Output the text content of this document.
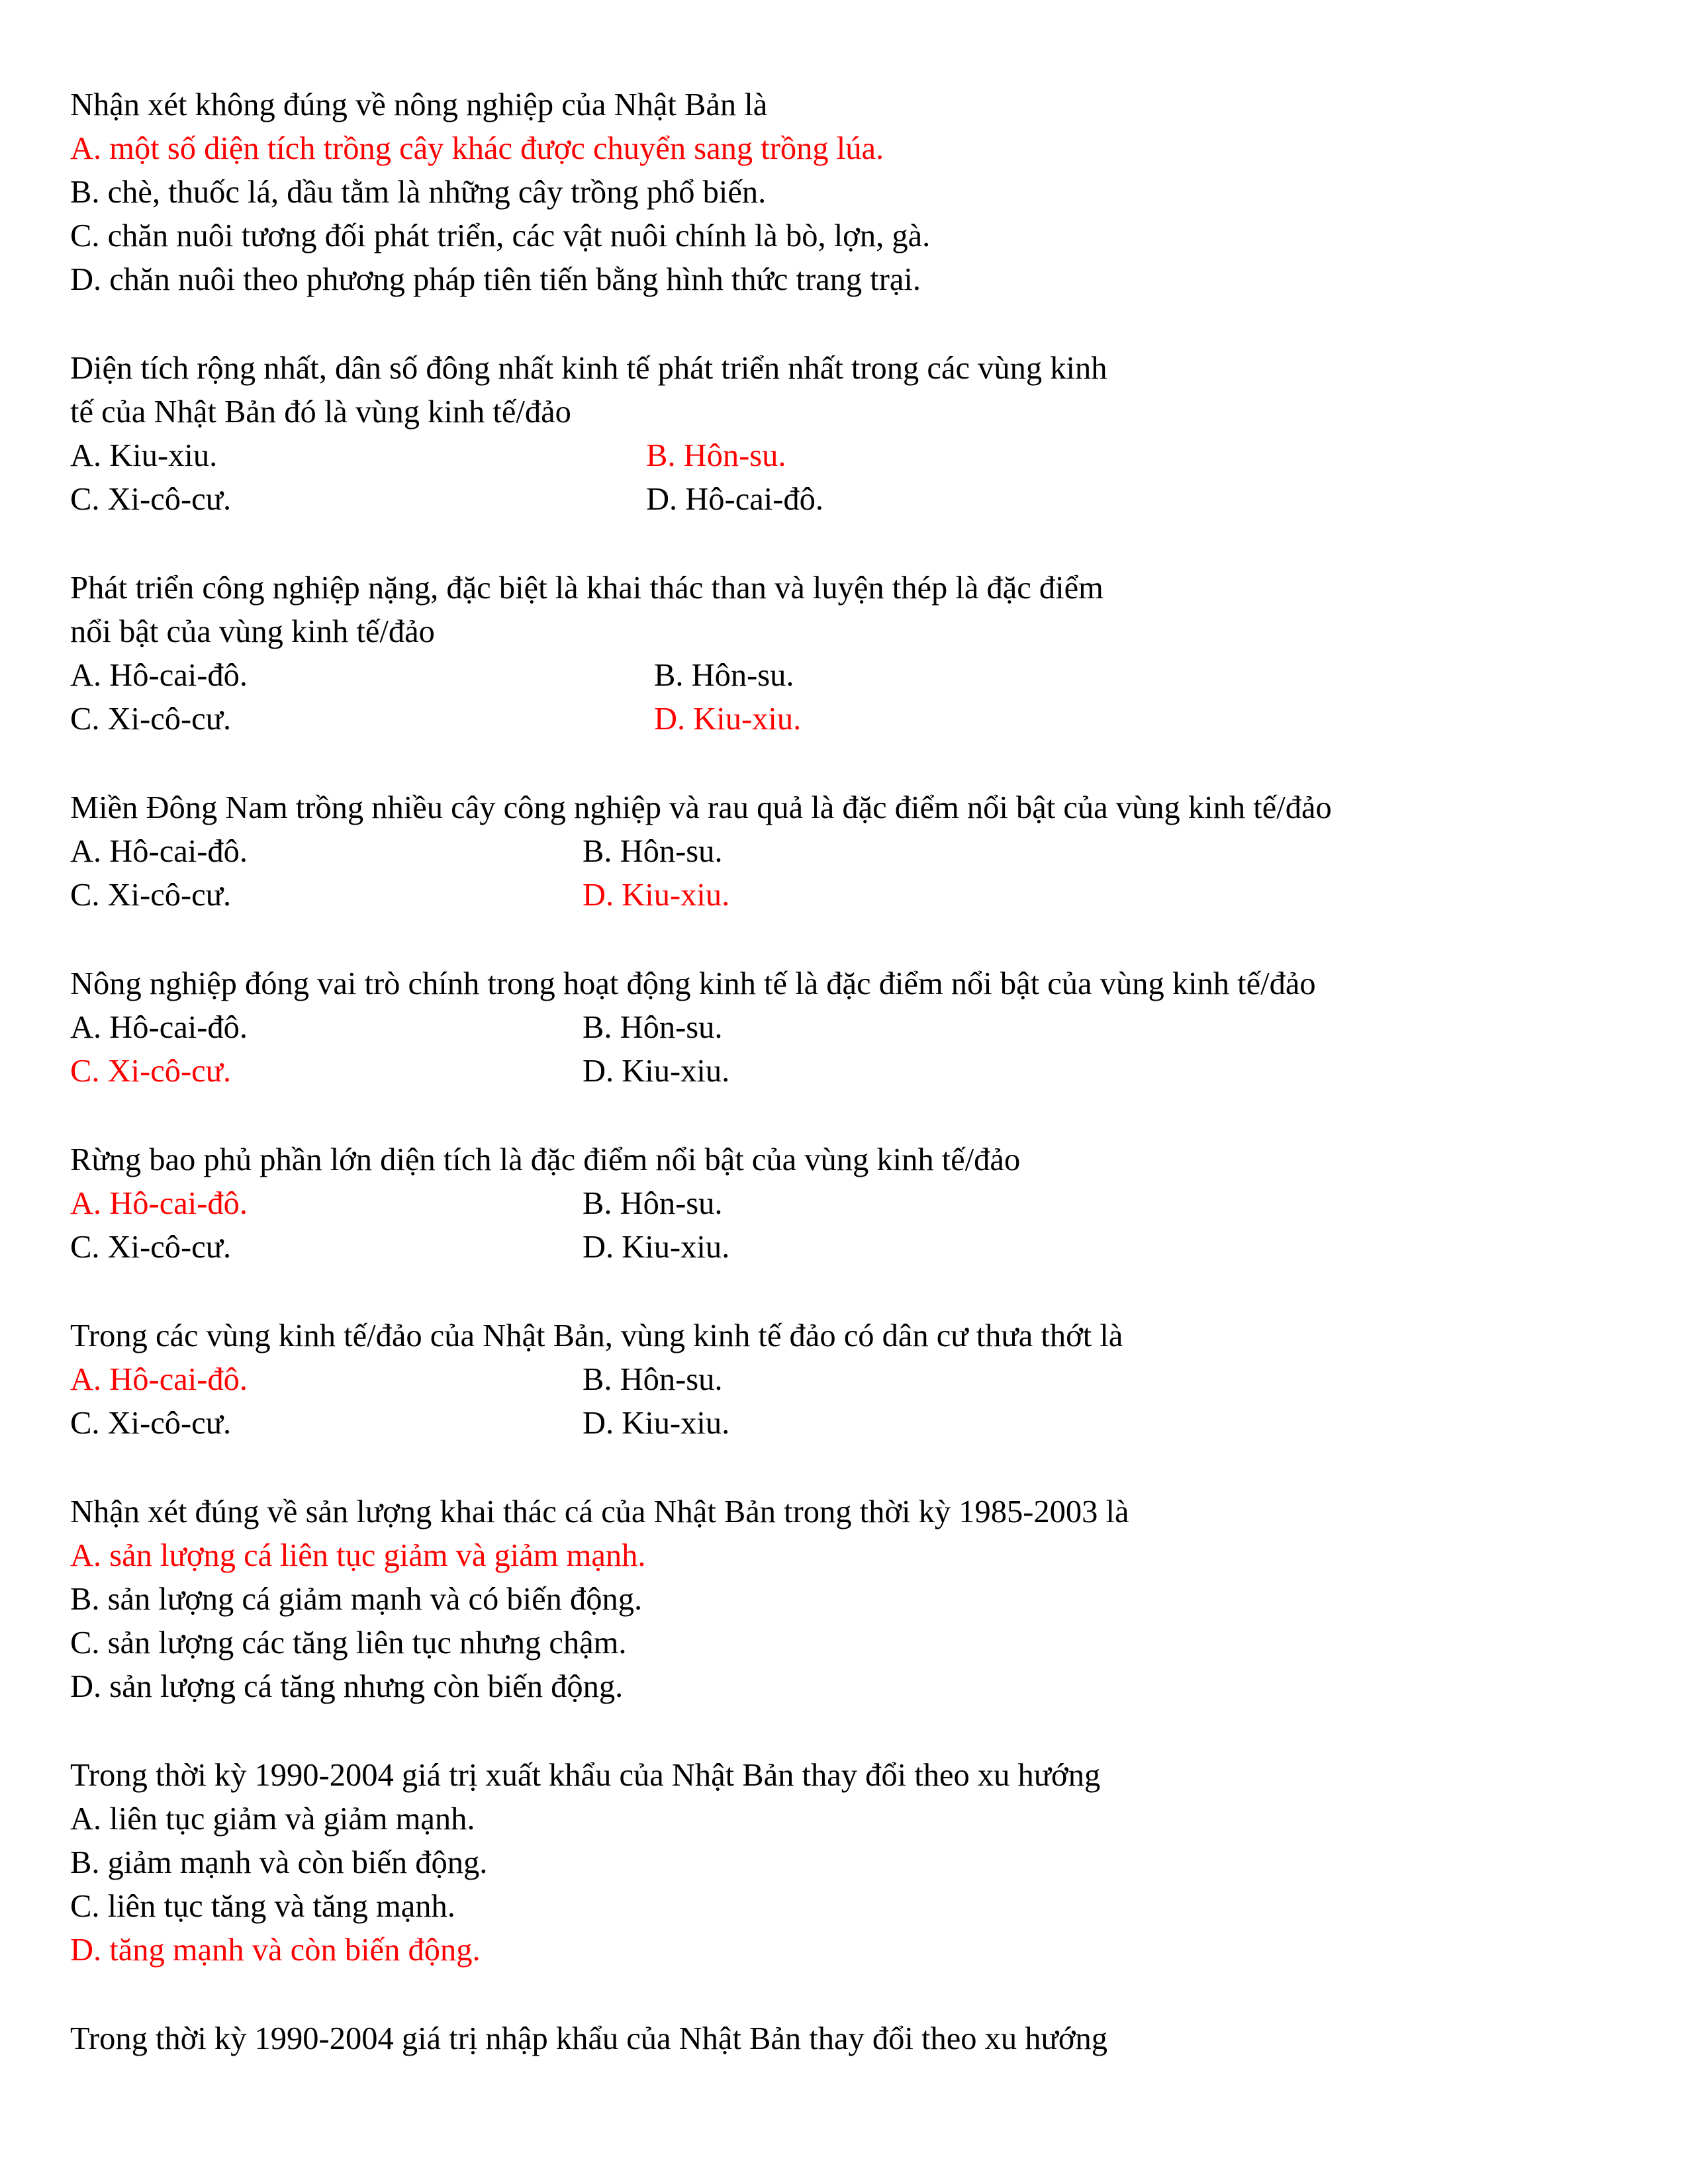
Nhận xét không đúng về nông nghiệp của Nhật Bản là
A. một số diện tích trồng cây khác được chuyển sang trồng lúa.
B. chè, thuốc lá, dầu tằm là những cây trồng phổ biến.
C. chăn nuôi tương đối phát triển, các vật nuôi chính là bò, lợn, gà.
D. chăn nuôi theo phương pháp tiên tiến bằng hình thức trang trại.
Diện tích rộng nhất, dân số đông nhất kinh tế phát triển nhất trong các vùng kinh
tế của Nhật Bản đó là vùng kinh tế/đảo
A. Kiu-xiu.	B. Hôn-su.
C. Xi-cô-cư.	D. Hô-cai-đô.
Phát triển công nghiệp nặng, đặc biệt là khai thác than và luyện thép là đặc điểm
nổi bật của vùng kinh tế/đảo
A. Hô-cai-đô.	B. Hôn-su.
C. Xi-cô-cư.	D. Kiu-xiu.
Miền Đông Nam trồng nhiều cây công nghiệp và rau quả là đặc điểm nổi bật của vùng kinh tế/đảo
A. Hô-cai-đô.	B. Hôn-su.
C. Xi-cô-cư.	D. Kiu-xiu.
Nông nghiệp đóng vai trò chính trong hoạt động kinh tế là đặc điểm nổi bật của vùng kinh tế/đảo
A. Hô-cai-đô.	B. Hôn-su.
C. Xi-cô-cư.	D. Kiu-xiu.
Rừng bao phủ phần lớn diện tích là đặc điểm nổi bật của vùng kinh tế/đảo
A. Hô-cai-đô.	B. Hôn-su.
C. Xi-cô-cư.	D. Kiu-xiu.
Trong các vùng kinh tế/đảo của Nhật Bản, vùng kinh tế đảo có dân cư thưa thớt là
A. Hô-cai-đô.	B. Hôn-su.
C. Xi-cô-cư.	D. Kiu-xiu.
Nhận xét đúng về sản lượng khai thác cá của Nhật Bản trong thời kỳ 1985-2003 là
A. sản lượng cá liên tục giảm và giảm mạnh.
B. sản lượng cá giảm mạnh và có biến động.
C. sản lượng các tăng liên tục nhưng chậm.
D. sản lượng cá tăng nhưng còn biến động.
Trong thời kỳ 1990-2004 giá trị xuất khẩu của Nhật Bản thay đổi theo xu hướng
A. liên tục giảm và giảm mạnh.
B. giảm mạnh và còn biến động.
C. liên tục tăng và tăng mạnh.
D. tăng mạnh và còn biến động.
Trong thời kỳ 1990-2004 giá trị nhập khẩu của Nhật Bản thay đổi theo xu hướng
